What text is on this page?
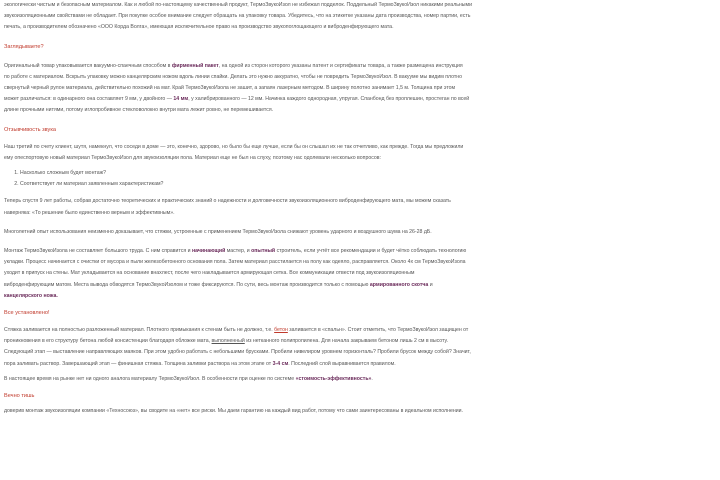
экологически чистым и безопасным материалом. Как и любой по-настоящему качественный продукт, ТермоЗвукоИзол не избежал подделок. Поддельный ТермоЗвукоИзол никакими реальными

звукоизоляционными свойствами не обладает. При покупке особое внимание следует обращать на упаковку товара. Убедитесь, что на этикетке указаны дата производства, номер партии, есть

печать, а производителем обозначено «ООО Корда Волга», имеющая исключительное право на производство звукопоглощающего и виброденфирующего мата.

Заглядываете?

Оригинальный товар упаковывается вакуумно-спаечным способом в фирменный пакет, на одной из сторон которого указаны патент и сертификаты товара, а также размещена инструкция

по работе с материалом. Вскрыть упаковку можно канцелярским ножом вдоль линии спайки. Делать это нужно аккуратно, чтобы не повредить ТермоЗвукоИзол. В вакууме мы видим плотно

свернутый черный рулон материала, действительно похожий на мат. Край ТермоЗвукоИзола не зашит, а запаян лазерным методом. В ширину полотно занимает 1,5 м. Толщина при этом

может различаться: в одинарного она составляет 9 мм, у двойного — 14 мм, у халибрированного — 12 мм. Начинка каждого однородная, упругая. Спанбонд без проплешин, простеган по всей

длине прочными нитями, потому иглопробивное стекловолокно внутри мата лежит ровно, не перемешивается.

Отзывчивость звука

Наш третий по счету клиент, шутя, намекнул, что соседи в доме — это, конечно, здорово, но было бы еще лучше, если бы он слышал их не так отчетливо, как прежде. Тогда мы предложили

ему опеспортовую новый материал ТермоЗвукоИзол для звукоизоляции пола. Материал еще не был на слуху, поэтому нас одолевали несколько вопросов:

1. Насколько сложным будет монтаж?
2. Соответствует ли материал заявленным характеристикам?

Теперь спустя 9 лет работы, собрав достаточно теоретических и практических знаний о надежности и долговечности звукоизоляционного виброденфирующего мата, мы можем сказать

наверняка: «То решение было единственно верным и эффективным».

Многолетний опыт использования неизменно доказывает, что стяжки, устроенные с применением ТермоЗвукоИзола снижают уровень ударного и воздушного шума на 26-28 дБ.

Монтаж ТермоЗвукоИзола не составляет большого труда. С ним справится и начинающий мастер, и опытный строитель, если учтёт все рекомендации и будет чётко соблюдать технологию

укладки. Процесс начинается с очистки от мусора и пыли железобетонного основания пола. Затем материал расстилается на полу как одеяло, расправляется. Около 4х см ТермоЗвукоИзола

уходит в припуск на стены. Мат укладывается на основание внахлест, после чего накладывается армирующая сетка. Все коммуникации отвести под звукоизоляционным

виброденфирующим матом. Места вывода обводятся ТермоЗвукоИзолом и тоже фиксируются. По сути, весь монтаж производится только с помощью армированного скотча и

канцелярского ножа.

Все установлено!

Стяжка заливается на полностью разложенный материал. Плотного примыкания к стенам быть не должно, т.е. бетон заливается в «спальн». Стоит отметить, что ТермоЗвукоИзол защищен от

проникновения в его структуру бетона любой консистенции благодаря обложке мата, выполненный из нетканного полипропилена. Для начала закрываем бетоном лишь 2 см в высоту.

Следующий этап — выставление направляющих маяков. При этом удобно работать с небольшими брусками. Пробили нивелиром уровнем горизонталь? Пробили брусок между собой? Значит,

пора заливать раствор. Завершающий этап — финишная стяжка. Толщина заливки раствора на этом этапе от 3-4 см. Последний слой выравнивается правилом.

В настоящее время на рынке нет ни одного аналога материалу ТермоЗвукоИзол. В особенности при оценке по системе «стоимость-эффективность».

Вечно тишь

доверив монтаж звукоизоляции компании «Техносоюз», вы сводите на «нет» все риски. Мы даем гарантию на каждый вид работ, потому что сами заинтересованы в идеальном исполнении.
